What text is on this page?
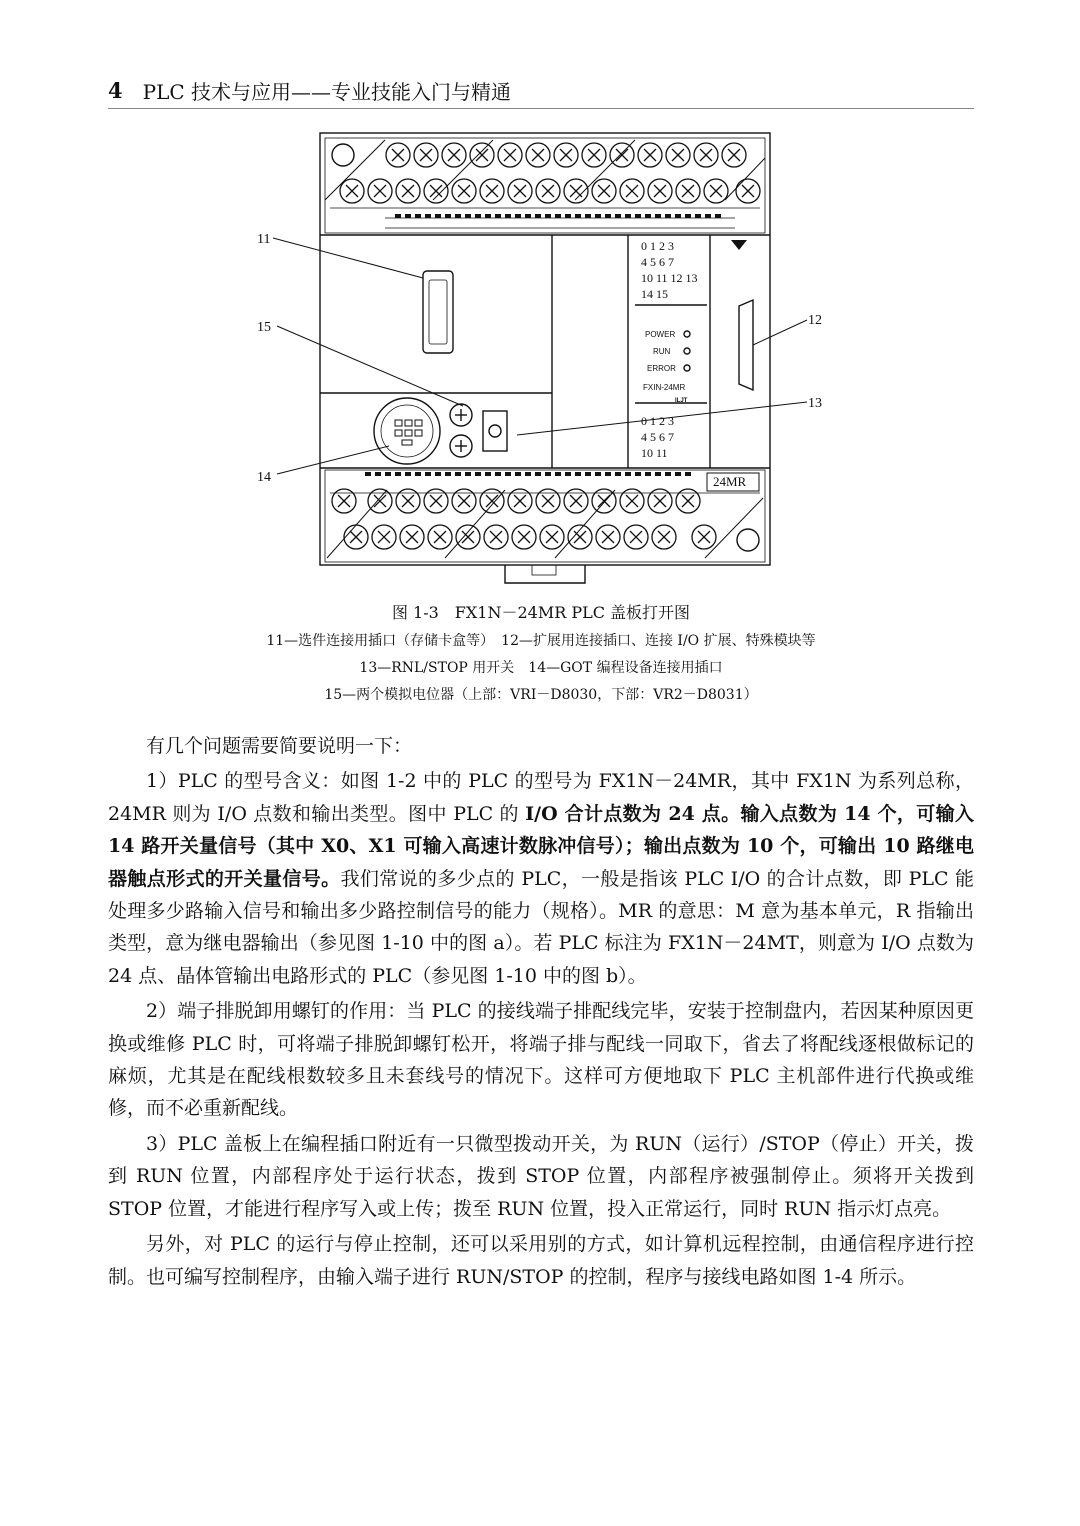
4 PLC 技术与应用——专业技能入门与精通
0 1 2 3
4 5 6 7
10 11 12 13
14 15
POWER
RUN
ERROR
FXIN-24MR
ILJT
0 1 2 3
4 5 6 7
10 11
24MR
11
15	12
13
14
图 1-3　FX1N－24MR PLC 盖板打开图
11—选件连接用插口（存储卡盒等）　12—扩展用连接插口、连接 I/O 扩展、特殊模块等
13—RNL/STOP 用开关　14—GOT 编程设备连接用插口
15—两个模拟电位器（上部：VRI－D8030，下部：VR2－D8031）

有几个问题需要简要说明一下：

1）PLC 的型号含义：如图 1-2 中的 PLC 的型号为 FX1N－24MR，其中 FX1N 为系列总称，24MR 则为 I/O 点数和输出类型。图中 PLC 的 I/O 合计点数为 24 点。输入点数为 14 个，可输入 14 路开关量信号（其中 X0、X1 可输入高速计数脉冲信号）；输出点数为 10 个，可输出 10 路继电器触点形式的开关量信号。我们常说的多少点的 PLC，一般是指该 PLC I/O 的合计点数，即 PLC 能处理多少路输入信号和输出多少路控制信号的能力（规格）。MR 的意思：M 意为基本单元，R 指输出类型，意为继电器输出（参见图 1-10 中的图 a）。若 PLC 标注为 FX1N－24MT，则意为 I/O 点数为 24 点、晶体管输出电路形式的 PLC（参见图 1-10 中的图 b）。

2）端子排脱卸用螺钉的作用：当 PLC 的接线端子排配线完毕，安装于控制盘内，若因某种原因更换或维修 PLC 时，可将端子排脱卸螺钉松开，将端子排与配线一同取下，省去了将配线逐根做标记的麻烦，尤其是在配线根数较多且未套线号的情况下。这样可方便地取下 PLC 主机部件进行代换或维修，而不必重新配线。

3）PLC 盖板上在编程插口附近有一只微型拨动开关，为 RUN（运行）/STOP（停止）开关，拨到 RUN 位置，内部程序处于运行状态，拨到 STOP 位置，内部程序被强制停止。须将开关拨到 STOP 位置，才能进行程序写入或上传；拨至 RUN 位置，投入正常运行，同时 RUN 指示灯点亮。

另外，对 PLC 的运行与停止控制，还可以采用别的方式，如计算机远程控制，由通信程序进行控制。也可编写控制程序，由输入端子进行 RUN/STOP 的控制，程序与接线电路如图 1-4 所示。
